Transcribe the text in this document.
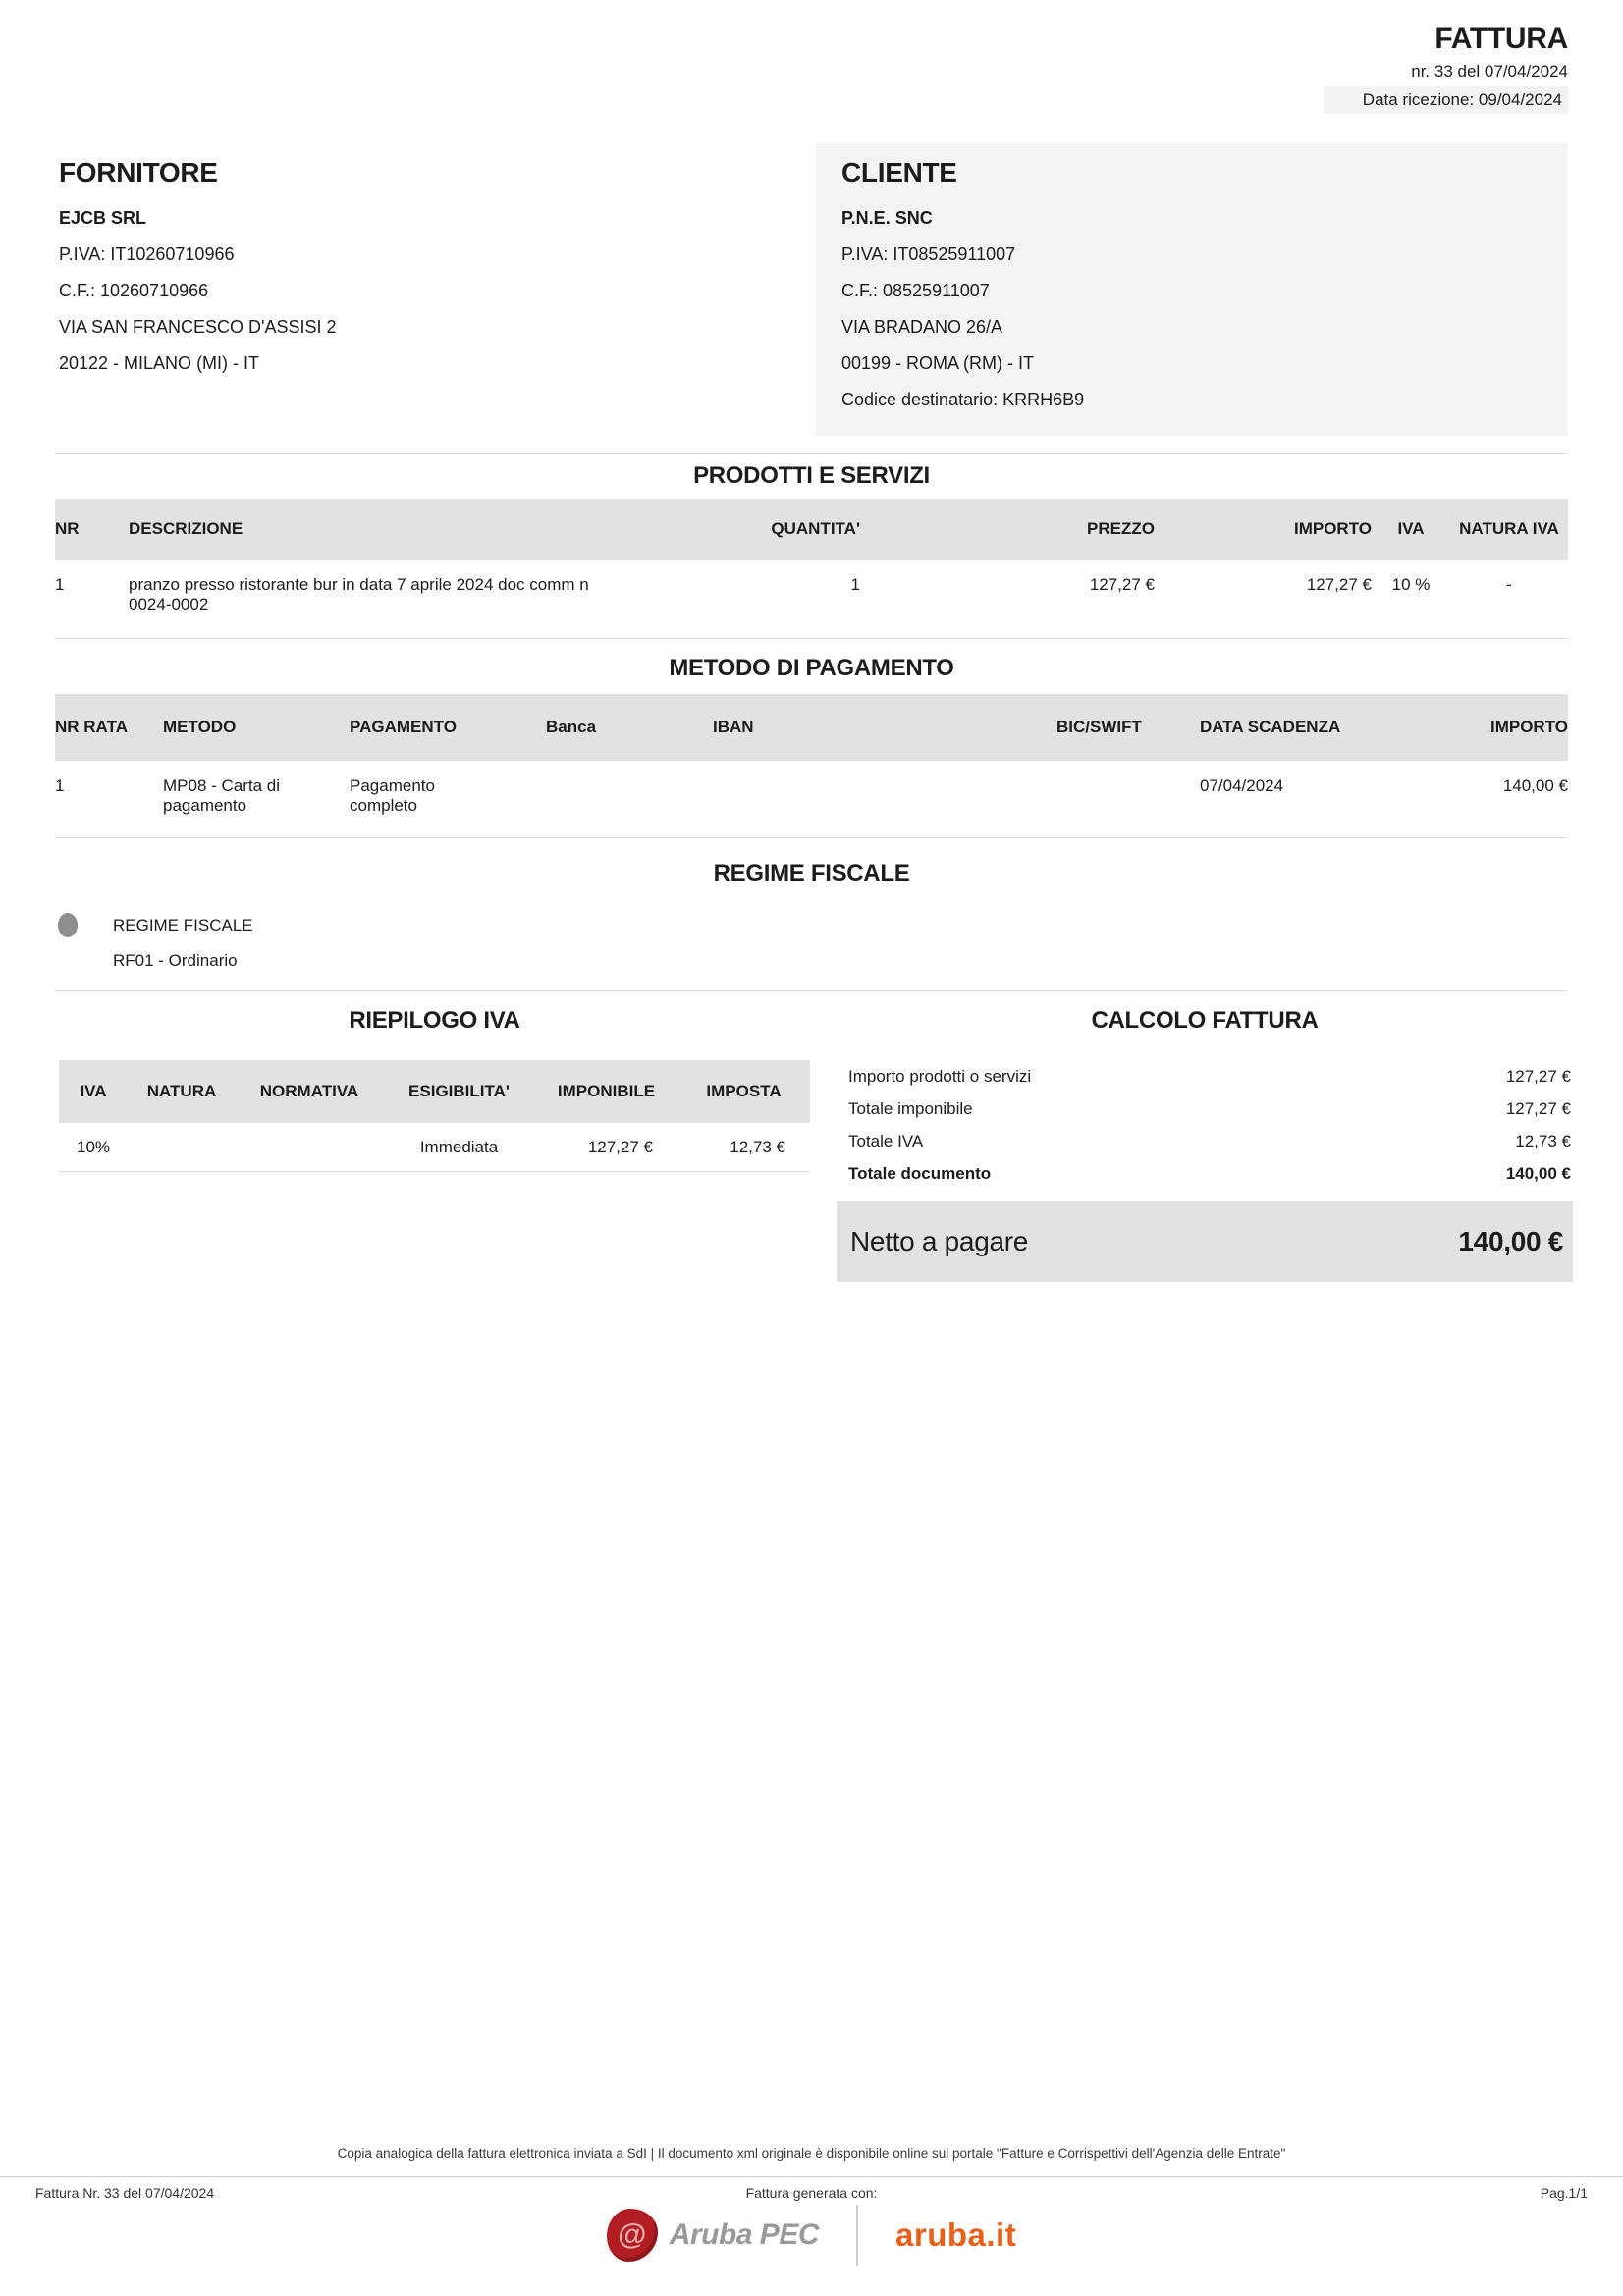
FATTURA
nr. 33 del 07/04/2024
Data ricezione: 09/04/2024
FORNITORE
EJCB SRL
P.IVA: IT10260710966
C.F.: 10260710966
VIA SAN FRANCESCO D'ASSISI 2
20122 - MILANO (MI) - IT
CLIENTE
P.N.E. SNC
P.IVA: IT08525911007
C.F.: 08525911007
VIA BRADANO 26/A
00199 - ROMA (RM) - IT
Codice destinatario: KRRH6B9
PRODOTTI E SERVIZI
NR	DESCRIZIONE	QUANTITA'	PREZZO	IMPORTO	IVA	NATURA IVA
1	pranzo presso ristorante bur in data 7 aprile 2024 doc comm n 0024-0002	1	127,27 €	127,27 €	10 %	-
METODO DI PAGAMENTO
NR RATA	METODO	PAGAMENTO	Banca	IBAN	BIC/SWIFT	DATA SCADENZA	IMPORTO
1	MP08 - Carta di pagamento	Pagamento completo				07/04/2024	140,00 €
REGIME FISCALE
REGIME FISCALE
RF01 - Ordinario
RIEPILOGO IVA
IVA	NATURA	NORMATIVA	ESIGIBILITA'	IMPONIBILE	IMPOSTA
10%			Immediata	127,27 €	12,73 €
CALCOLO FATTURA
Importo prodotti o servizi	127,27 €
Totale imponibile	127,27 €
Totale IVA	12,73 €
Totale documento	140,00 €
Netto a pagare	140,00 €
Copia analogica della fattura elettronica inviata a SdI | Il documento xml originale è disponibile online sul portale "Fatture e Corrispettivi dell'Agenzia delle Entrate"
Fattura Nr. 33 del 07/04/2024	Fattura generata con:	Pag.1/1
@ Aruba PEC aruba.it
